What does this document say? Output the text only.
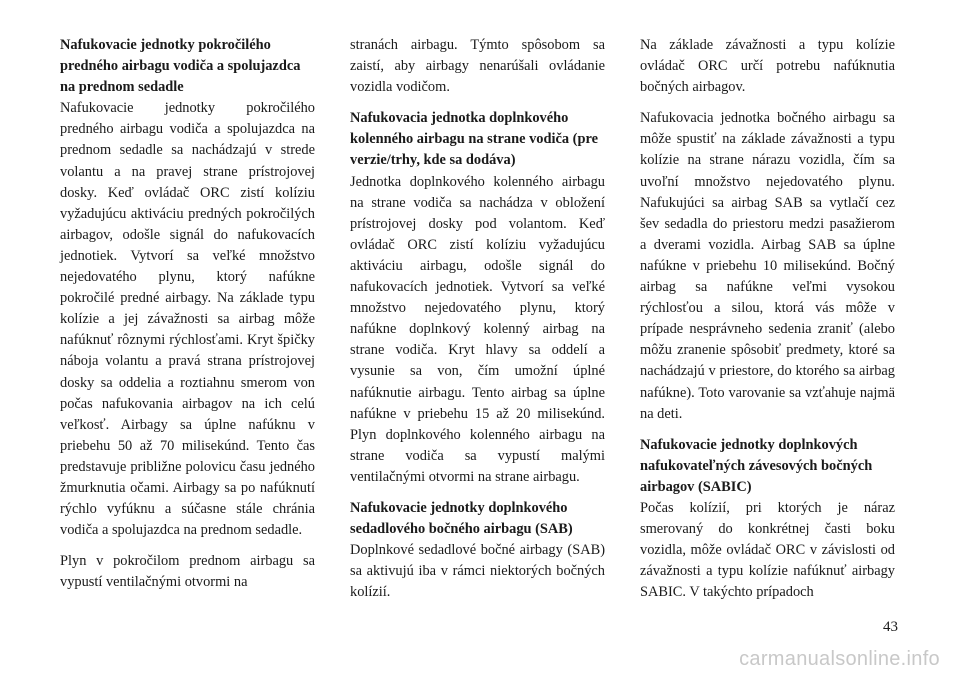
Nafukovacie jednotky pokročilého predného airbagu vodiča a spolujazdca na prednom sedadle

Nafukovacie jednotky pokročilého predného airbagu vodiča a spolujazdca na prednom sedadle sa nachádzajú v strede volantu a na pravej strane prístrojovej dosky. Keď ovládač ORC zistí kolíziu vyžadujúcu aktiváciu predných pokročilých airbagov, odošle signál do nafukovacích jednotiek. Vytvorí sa veľké množstvo nejedovatého plynu, ktorý nafúkne pokročilé predné airbagy. Na základe typu kolízie a jej závažnosti sa airbag môže nafúknuť rôznymi rýchlosťami. Kryt špičky náboja volantu a pravá strana prístrojovej dosky sa oddelia a roztiahnu smerom von počas nafukovania airbagov na ich celú veľkosť. Airbagy sa úplne nafúknu v priebehu 50 až 70 milisekúnd. Tento čas predstavuje približne polovicu času jedného žmurknutia očami. Airbagy sa po nafúknutí rýchlo vyfúknu a súčasne stále chránia vodiča a spolujazdca na prednom sedadle.

Plyn v pokročilom prednom airbagu sa vypustí ventilačnými otvormi na

stranách airbagu. Týmto spôsobom sa zaistí, aby airbagy nenarúšali ovládanie vozidla vodičom.

Nafukovacia jednotka doplnkového kolenného airbagu na strane vodiča (pre verzie/trhy, kde sa dodáva)

Jednotka doplnkového kolenného airbagu na strane vodiča sa nachádza v obložení prístrojovej dosky pod volantom. Keď ovládač ORC zistí kolíziu vyžadujúcu aktiváciu airbagu, odošle signál do nafukovacích jednotiek. Vytvorí sa veľké množstvo nejedovatého plynu, ktorý nafúkne doplnkový kolenný airbag na strane vodiča. Kryt hlavy sa oddelí a vysunie sa von, čím umožní úplné nafúknutie airbagu. Tento airbag sa úplne nafúkne v priebehu 15 až 20 milisekúnd. Plyn doplnkového kolenného airbagu na strane vodiča sa vypustí malými ventilačnými otvormi na strane airbagu.

Nafukovacie jednotky doplnkového sedadlového bočného airbagu (SAB)

Doplnkové sedadlové bočné airbagy (SAB) sa aktivujú iba v rámci niektorých bočných kolízií.

Na základe závažnosti a typu kolízie ovládač ORC určí potrebu nafúknutia bočných airbagov.

Nafukovacia jednotka bočného airbagu sa môže spustiť na základe závažnosti a typu kolízie na strane nárazu vozidla, čím sa uvoľní množstvo nejedovatého plynu. Nafukujúci sa airbag SAB sa vytlačí cez šev sedadla do priestoru medzi pasažierom a dverami vozidla. Airbag SAB sa úplne nafúkne v priebehu 10 milisekúnd. Bočný airbag sa nafúkne veľmi vysokou rýchlosťou a silou, ktorá vás môže v prípade nesprávneho sedenia zraniť (alebo môžu zranenie spôsobiť predmety, ktoré sa nachádzajú v priestore, do ktorého sa airbag nafúkne). Toto varovanie sa vzťahuje najmä na deti.

Nafukovacie jednotky doplnkových nafukovateľných závesových bočných airbagov (SABIC)

Počas kolízií, pri ktorých je náraz smerovaný do konkrétnej časti boku vozidla, môže ovládač ORC v závislosti od závažnosti a typu kolízie nafúknuť airbagy SABIC. V takýchto prípadoch

43
carmanualsonline.info
